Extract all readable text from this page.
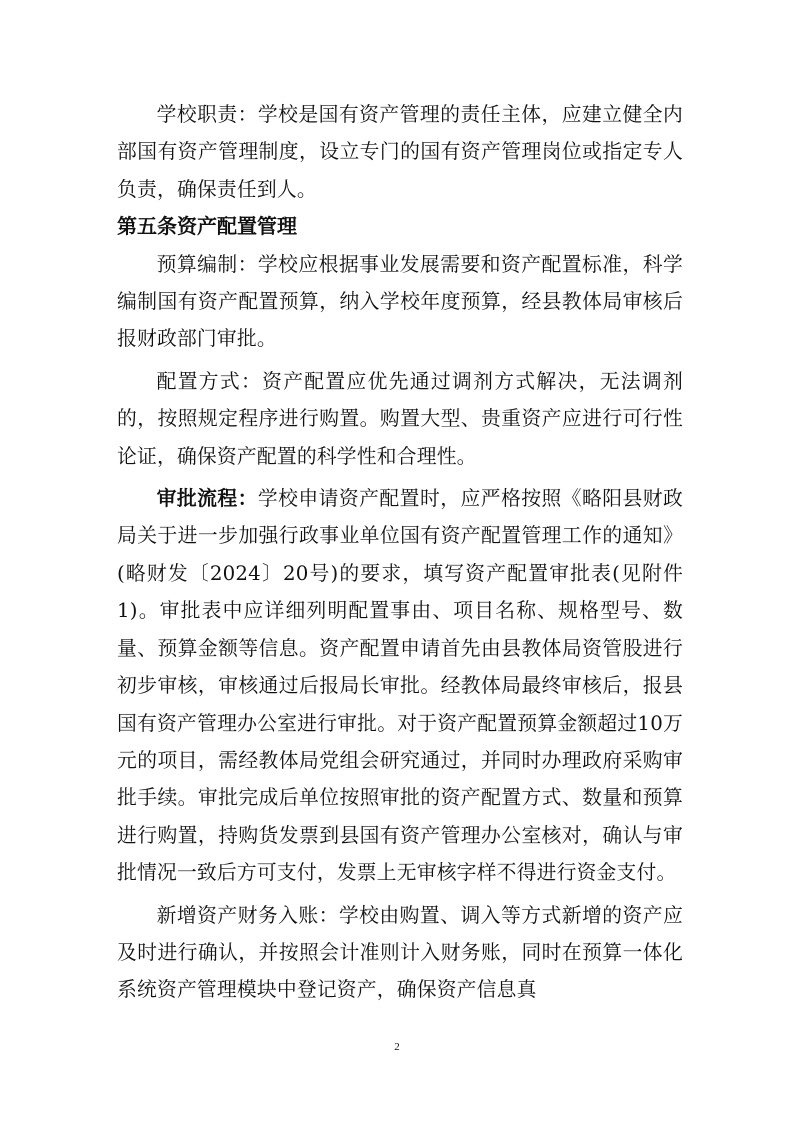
学校职责：学校是国有资产管理的责任主体，应建立健全内部国有资产管理制度，设立专门的国有资产管理岗位或指定专人负责，确保责任到人。

第五条资产配置管理

预算编制：学校应根据事业发展需要和资产配置标准，科学编制国有资产配置预算，纳入学校年度预算，经县教体局审核后报财政部门审批。

配置方式：资产配置应优先通过调剂方式解决，无法调剂的，按照规定程序进行购置。购置大型、贵重资产应进行可行性论证，确保资产配置的科学性和合理性。

审批流程：学校申请资产配置时，应严格按照《略阳县财政局关于进一步加强行政事业单位国有资产配置管理工作的通知》(略财发〔2024〕20号)的要求，填写资产配置审批表(见附件1)。审批表中应详细列明配置事由、项目名称、规格型号、数量、预算金额等信息。资产配置申请首先由县教体局资管股进行初步审核，审核通过后报局长审批。经教体局最终审核后，报县国有资产管理办公室进行审批。对于资产配置预算金额超过10万元的项目，需经教体局党组会研究通过，并同时办理政府采购审批手续。审批完成后单位按照审批的资产配置方式、数量和预算进行购置，持购货发票到县国有资产管理办公室核对，确认与审批情况一致后方可支付，发票上无审核字样不得进行资金支付。

新增资产财务入账：学校由购置、调入等方式新增的资产应及时进行确认，并按照会计准则计入财务账，同时在预算一体化系统资产管理模块中登记资产，确保资产信息真

2
